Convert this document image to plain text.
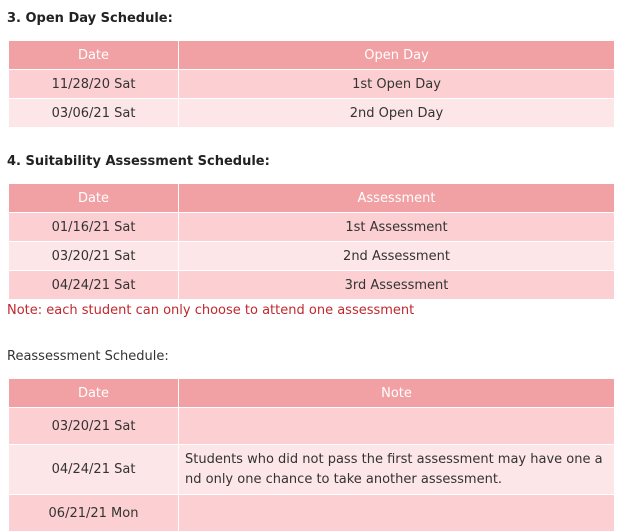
3. Open Day Schedule:
Date	Open Day
11/28/20 Sat	1st Open Day
03/06/21 Sat	2nd Open Day
4. Suitability Assessment Schedule:
Date	Assessment
01/16/21 Sat	1st Assessment
03/20/21 Sat	2nd Assessment
04/24/21 Sat	3rd Assessment
Note: each student can only choose to attend one assessment
Reassessment Schedule:
Date	Note
03/20/21 Sat	
04/24/21 Sat	Students who did not pass the first assessment may have one and only one chance to take another assessment.
06/21/21 Mon	
